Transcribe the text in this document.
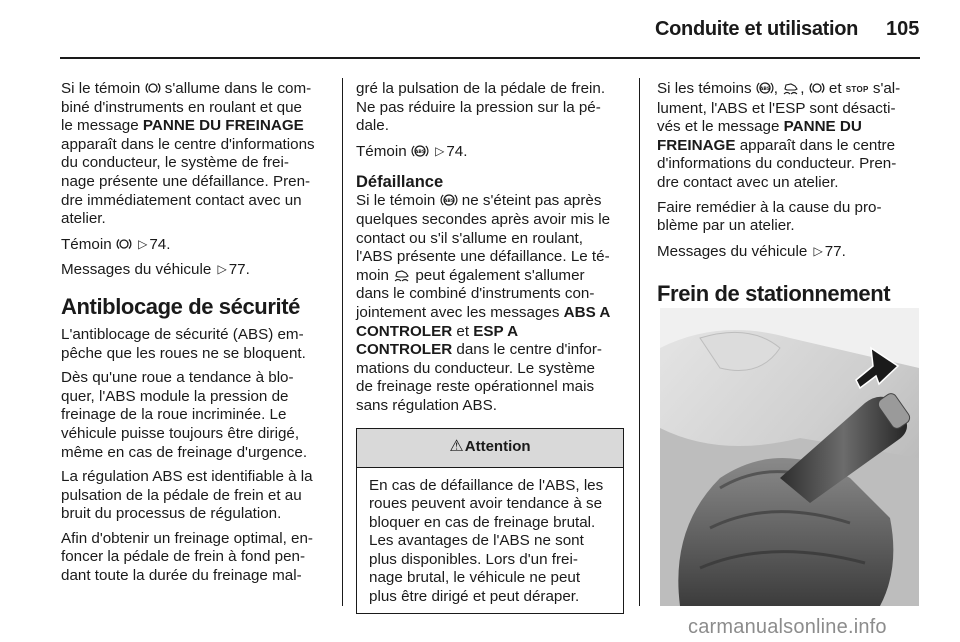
Conduite et utilisation 105

Si le témoin  s'allume dans le com-
biné d'instruments en roulant et que
le message PANNE DU FREINAGE
apparaît dans le centre d'informations
du conducteur, le système de frei-
nage présente une défaillance. Pren-
dre immédiatement contact avec un
atelier.

Témoin  ▷ 74.

Messages du véhicule ▷ 77.

Antiblocage de sécurité

L'antiblocage de sécurité (ABS) em-
pêche que les roues ne se bloquent.

Dès qu'une roue a tendance à blo-
quer, l'ABS module la pression de
freinage de la roue incriminée. Le
véhicule puisse toujours être dirigé,
même en cas de freinage d'urgence.

La régulation ABS est identifiable à la
pulsation de la pédale de frein et au
bruit du processus de régulation.

Afin d'obtenir un freinage optimal, en-
foncer la pédale de frein à fond pen-
dant toute la durée du freinage mal-

gré la pulsation de la pédale de frein.
Ne pas réduire la pression sur la pé-
dale.

Témoin ABS ▷ 74.

Défaillance

Si le témoin ABS ne s'éteint pas après
quelques secondes après avoir mis le
contact ou s'il s'allume en roulant,
l'ABS présente une défaillance. Le té-
moin  peut également s'allumer
dans le combiné d'instruments con-
jointement avec les messages ABS A
CONTROLER et ESP A
CONTROLER dans le centre d'infor-
mations du conducteur. Le système
de freinage reste opérationnel mais
sans régulation ABS.

⚠ Attention
En cas de défaillance de l'ABS, les
roues peuvent avoir tendance à se
bloquer en cas de freinage brutal.
Les avantages de l'ABS ne sont
plus disponibles. Lors d'un frei-
nage brutal, le véhicule ne peut
plus être dirigé et peut déraper.

Si les témoins ABS , ,  et STOP s'al-
lument, l'ABS et l'ESP sont désacti-
vés et le message PANNE DU
FREINAGE apparaît dans le centre
d'informations du conducteur. Pren-
dre contact avec un atelier.

Faire remédier à la cause du pro-
blème par un atelier.

Messages du véhicule ▷ 77.

Frein de stationnement
carmanualsonline.info
